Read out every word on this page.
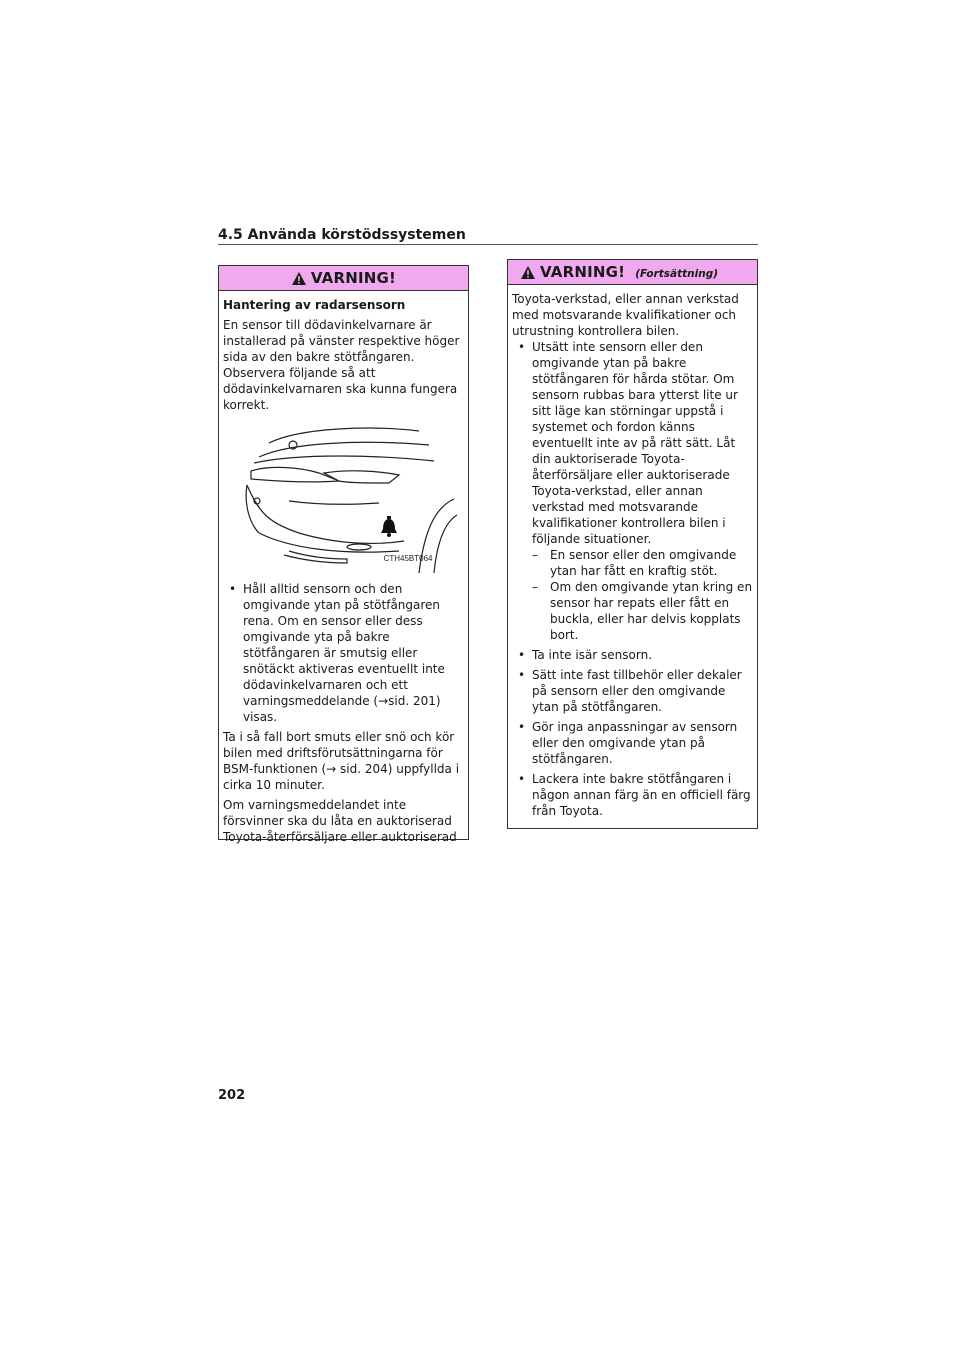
4.5 Använda körstödssystemen
VARNING!

Hantering av radarsensorn

En sensor till dödavinkelvarnare är installerad på vänster respektive höger sida av den bakre stötfångaren. Observera följande så att dödavinkelvarnaren ska kunna fungera korrekt.

CTH45BT064
• Håll alltid sensorn och den omgivande ytan på stötfångaren rena. Om en sensor eller dess omgivande yta på bakre stötfångaren är smutsig eller snötäckt aktiveras eventuellt inte dödavinkelvarnaren och ett varningsmeddelande (→sid. 201) visas.

Ta i så fall bort smuts eller snö och kör bilen med driftsförutsättningarna för BSM-funktionen (→ sid. 204) uppfyllda i cirka 10 minuter.

Om varningsmeddelandet inte försvinner ska du låta en auktoriserad Toyota-återförsäljare eller auktoriserad

VARNING! (Fortsättning)

Toyota-verkstad, eller annan verkstad med motsvarande kvalifikationer och utrustning kontrollera bilen.

• Utsätt inte sensorn eller den omgivande ytan på bakre stötfångaren för hårda stötar. Om sensorn rubbas bara ytterst lite ur sitt läge kan störningar uppstå i systemet och fordon känns eventuellt inte av på rätt sätt. Låt din auktoriserade Toyota-återförsäljare eller auktoriserade Toyota-verkstad, eller annan verkstad med motsvarande kvalifikationer kontrollera bilen i följande situationer.
– En sensor eller den omgivande ytan har fått en kraftig stöt.
– Om den omgivande ytan kring en sensor har repats eller fått en buckla, eller har delvis kopplats bort.
• Ta inte isär sensorn.
• Sätt inte fast tillbehör eller dekaler på sensorn eller den omgivande ytan på stötfångaren.
• Gör inga anpassningar av sensorn eller den omgivande ytan på stötfångaren.
• Lackera inte bakre stötfångaren i någon annan färg än en officiell färg från Toyota.
202
